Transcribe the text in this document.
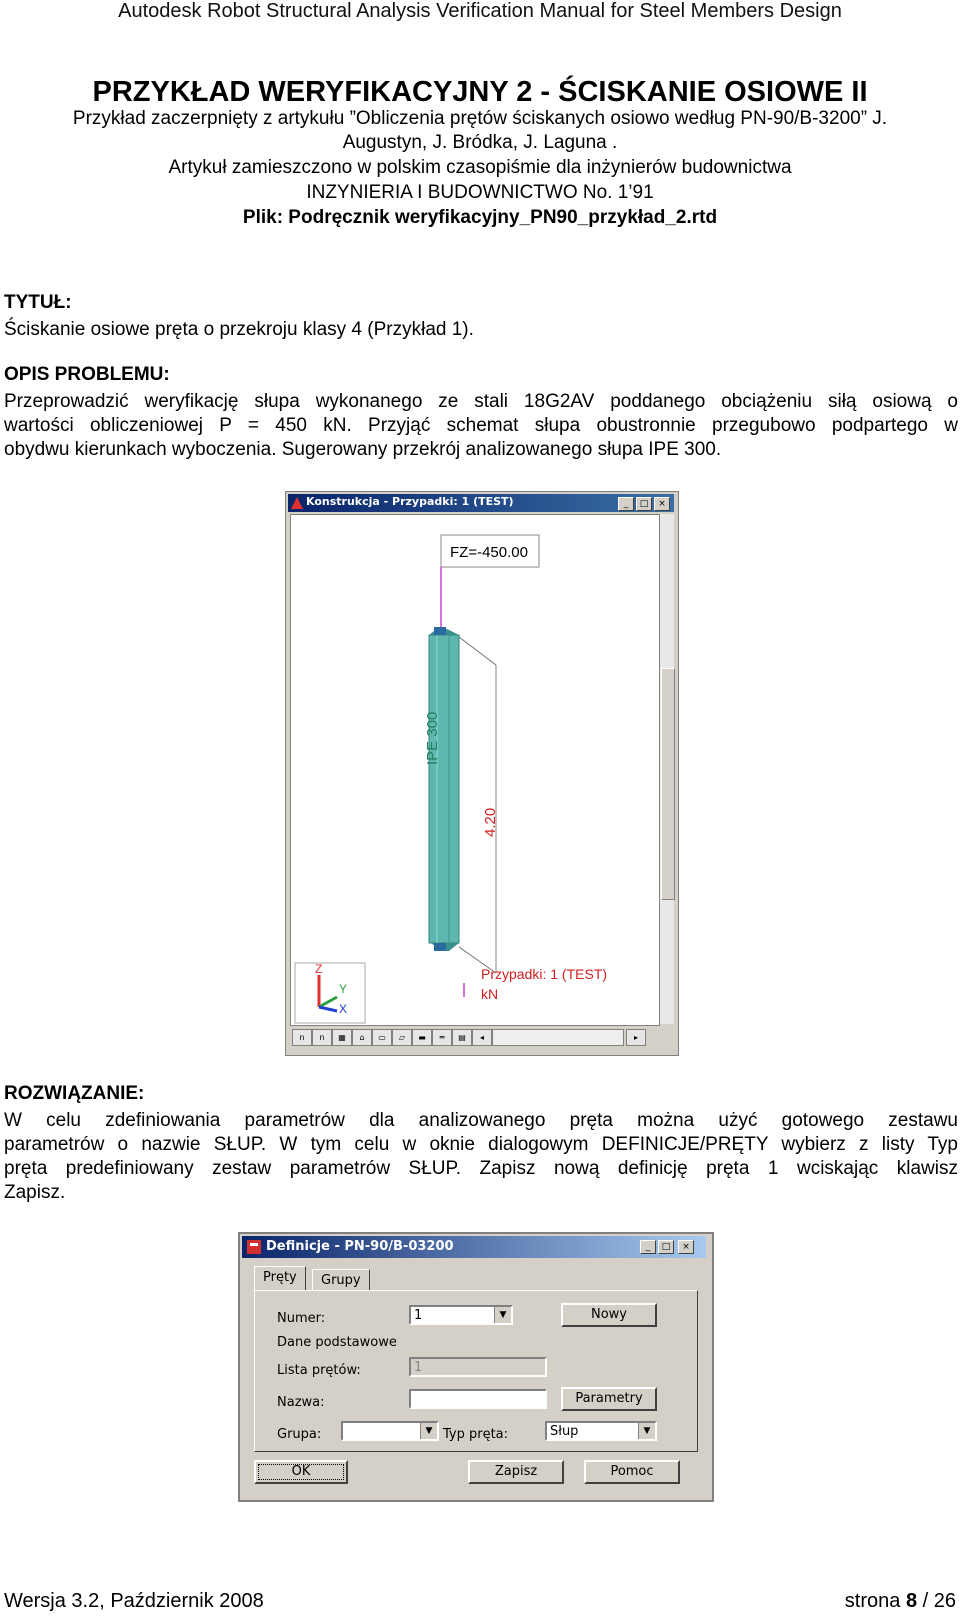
Autodesk Robot Structural Analysis Verification Manual for Steel Members Design
PRZYKŁAD WERYFIKACYJNY 2 - ŚCISKANIE OSIOWE II
Przykład zaczerpnięty z artykułu ”Obliczenia prętów ściskanych osiowo według PN-90/B-3200” J.
Augustyn, J. Bródka, J. Laguna .
Artykuł zamieszczono w polskim czasopiśmie dla inżynierów budownictwa
INZYNIERIA I BUDOWNICTWO No. 1’91
Plik: Podręcznik weryfikacyjny_PN90_przykład_2.rtd
TYTUŁ:
Ściskanie osiowe pręta o przekroju klasy 4 (Przykład 1).
OPIS PROBLEMU:
Przeprowadzić weryfikację słupa wykonanego ze stali 18G2AV poddanego obciążeniu siłą osiową o
wartości obliczeniowej P = 450 kN. Przyjąć schemat słupa obustronnie przegubowo podpartego w
obydwu kierunkach wyboczenia. Sugerowany przekrój analizowanego słupa IPE 300.
Konstrukcja - Przypadki: 1 (TEST)	_	□	×
FZ=-450.00
IPE 300
4.20
Z
Y
X
Przypadki: 1 (TEST)
kN
n	n	▦	⌂	▭	▱	▬	═	▤	◂	▸
ROZWIĄZANIE:
W celu zdefiniowania parametrów dla analizowanego pręta można użyć gotowego zestawu
parametrów o nazwie SŁUP. W tym celu w oknie dialogowym DEFINICJE/PRĘTY wybierz z listy Typ
pręta predefiniowany zestaw parametrów SŁUP. Zapisz nową definicję pręta 1 wciskając klawisz
Zapisz.
Definicje - PN-90/B-03200	_	□	×
Pręty	Grupy
Numer:	1	▼	Nowy
Dane podstawowe
Lista prętów:	1
Nazwa:	Parametry
Grupa:	▼ Typ pręta:	Słup	▼
OK	Zapisz	Pomoc
Wersja 3.2, Październik 2008	strona 8 / 26
